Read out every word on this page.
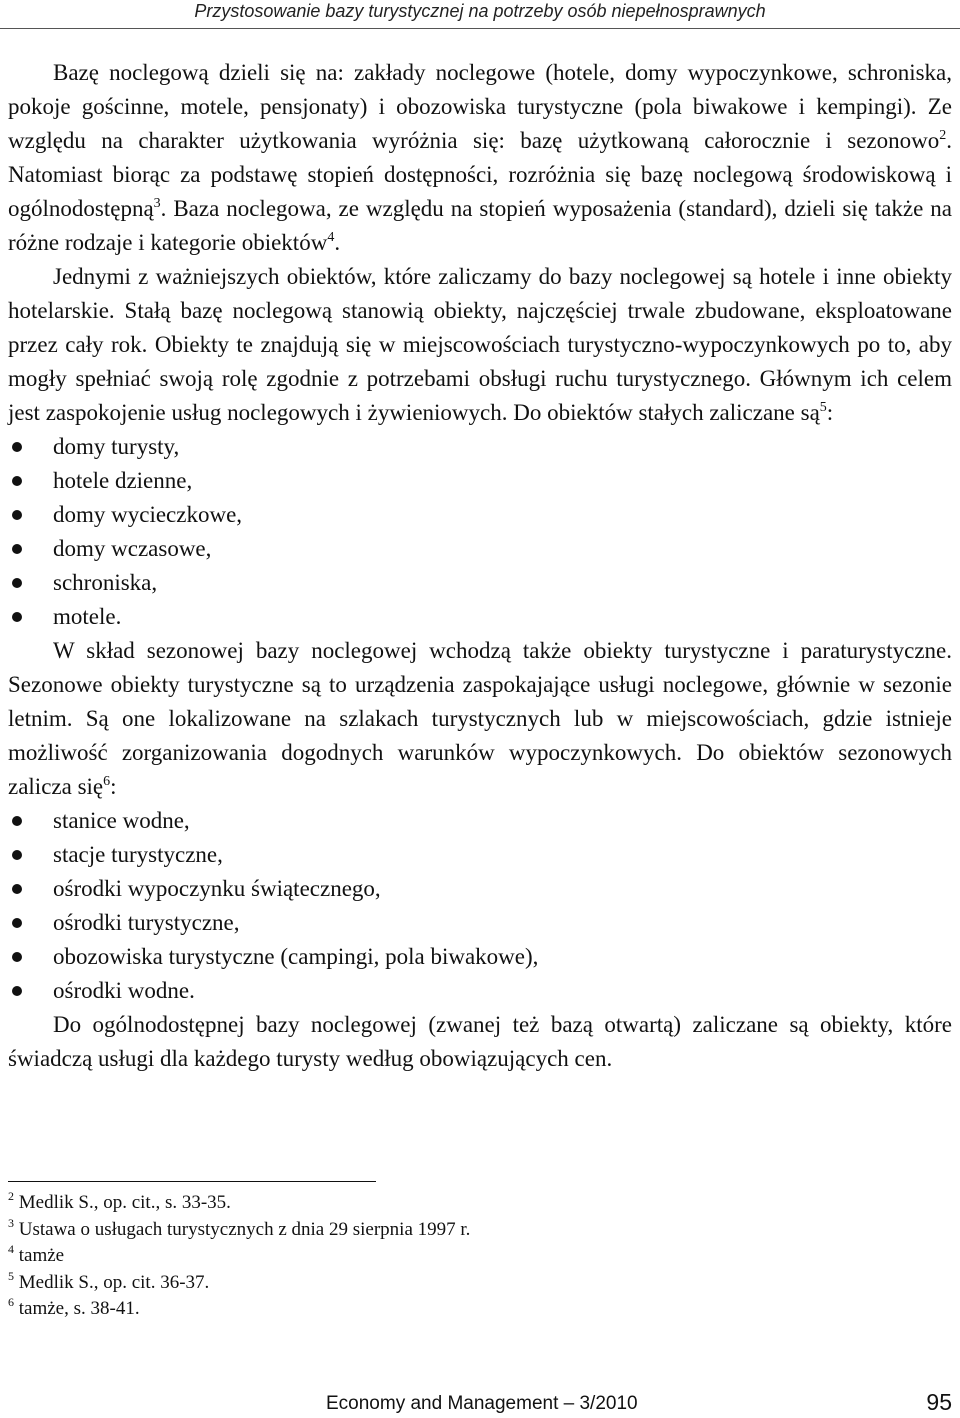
Przystosowanie bazy turystycznej na potrzeby osób niepełnosprawnych

Bazę noclegową dzieli się na: zakłady noclegowe (hotele, domy wypoczynkowe, schroniska, pokoje gościnne, motele, pensjonaty) i obozowiska turystyczne (pola biwakowe i kempingi). Ze względu na charakter użytkowania wyróżnia się: bazę użytkowaną całorocznie i sezonowo$^2$. Natomiast biorąc za podstawę stopień dostępności, rozróżnia się bazę noclegową środowiskową i ogólnodostępną$^3$. Baza noclegowa, ze względu na stopień wyposażenia (standard), dzieli się także na różne rodzaje i kategorie obiektów$^4$.

Jednymi z ważniejszych obiektów, które zaliczamy do bazy noclegowej są hotele i inne obiekty hotelarskie. Stałą bazę noclegową stanowią obiekty, najczęściej trwale zbudowane, eksploatowane przez cały rok. Obiekty te znajdują się w miejscowościach turystyczno-wypoczynkowych po to, aby mogły spełniać swoją rolę zgodnie z potrzebami obsługi ruchu turystycznego. Głównym ich celem jest zaspokojenie usług noclegowych i żywieniowych. Do obiektów stałych zaliczane $są^5$:

domy turysty,
hotele dzienne,
domy wycieczkowe,
domy wczasowe,
schroniska,
motele.

W skład sezonowej bazy noclegowej wchodzą także obiekty turystyczne i paraturystyczne. Sezonowe obiekty turystyczne są to urządzenia zaspokajające usługi noclegowe, głównie w sezonie letnim. Są one lokalizowane na szlakach turystycznych lub w miejscowościach, gdzie istnieje możliwość zorganizowania dogodnych warunków wypoczynkowych. Do obiektów sezonowych zalicza się$^6$:

stanice wodne,
stacje turystyczne,
ośrodki wypoczynku świątecznego,
ośrodki turystyczne,
obozowiska turystyczne (campingi, pola biwakowe),
ośrodki wodne.

Do ogólnodostępnej bazy noclegowej (zwanej też bazą otwartą) zaliczane są obiekty, które świadczą usługi dla każdego turysty według obowiązujących cen.

$^2$ Medlik S., op. cit., s. 33-35.

$^3$ Ustawa o usługach turystycznych z dnia 29 sierpnia 1997 r.

$^4$ tamże

$^5$ Medlik S., op. cit. 36-37.

$^6$ tamże, s. 38-41.

Economy and Management – 3/2010	95
